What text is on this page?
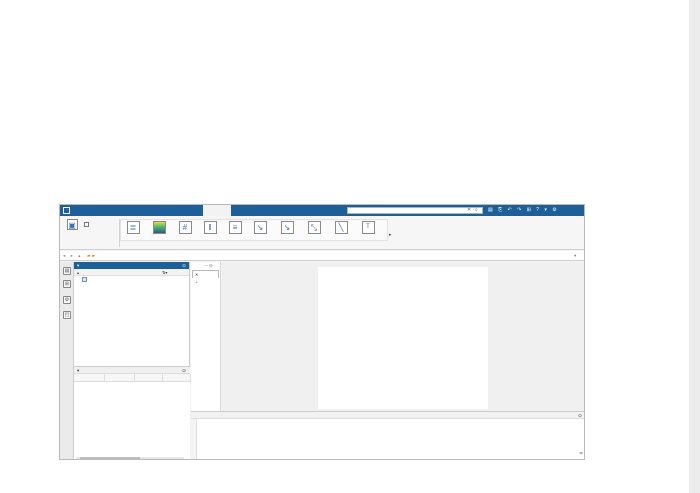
✕ ⌕ ▤ ⎘ ↶ ↷ ⊞ ? ▾ ⚙
▣	≣	#	‖	≡	↘	↘	⤡	╲	T
▸
◂ ▸ ▴ ▰▰	▾
▤
⊞
⚙
◰
▾	⊙
▴	⇅▾
▾	⊙

– ⊙
✕
+
⊙
≑
